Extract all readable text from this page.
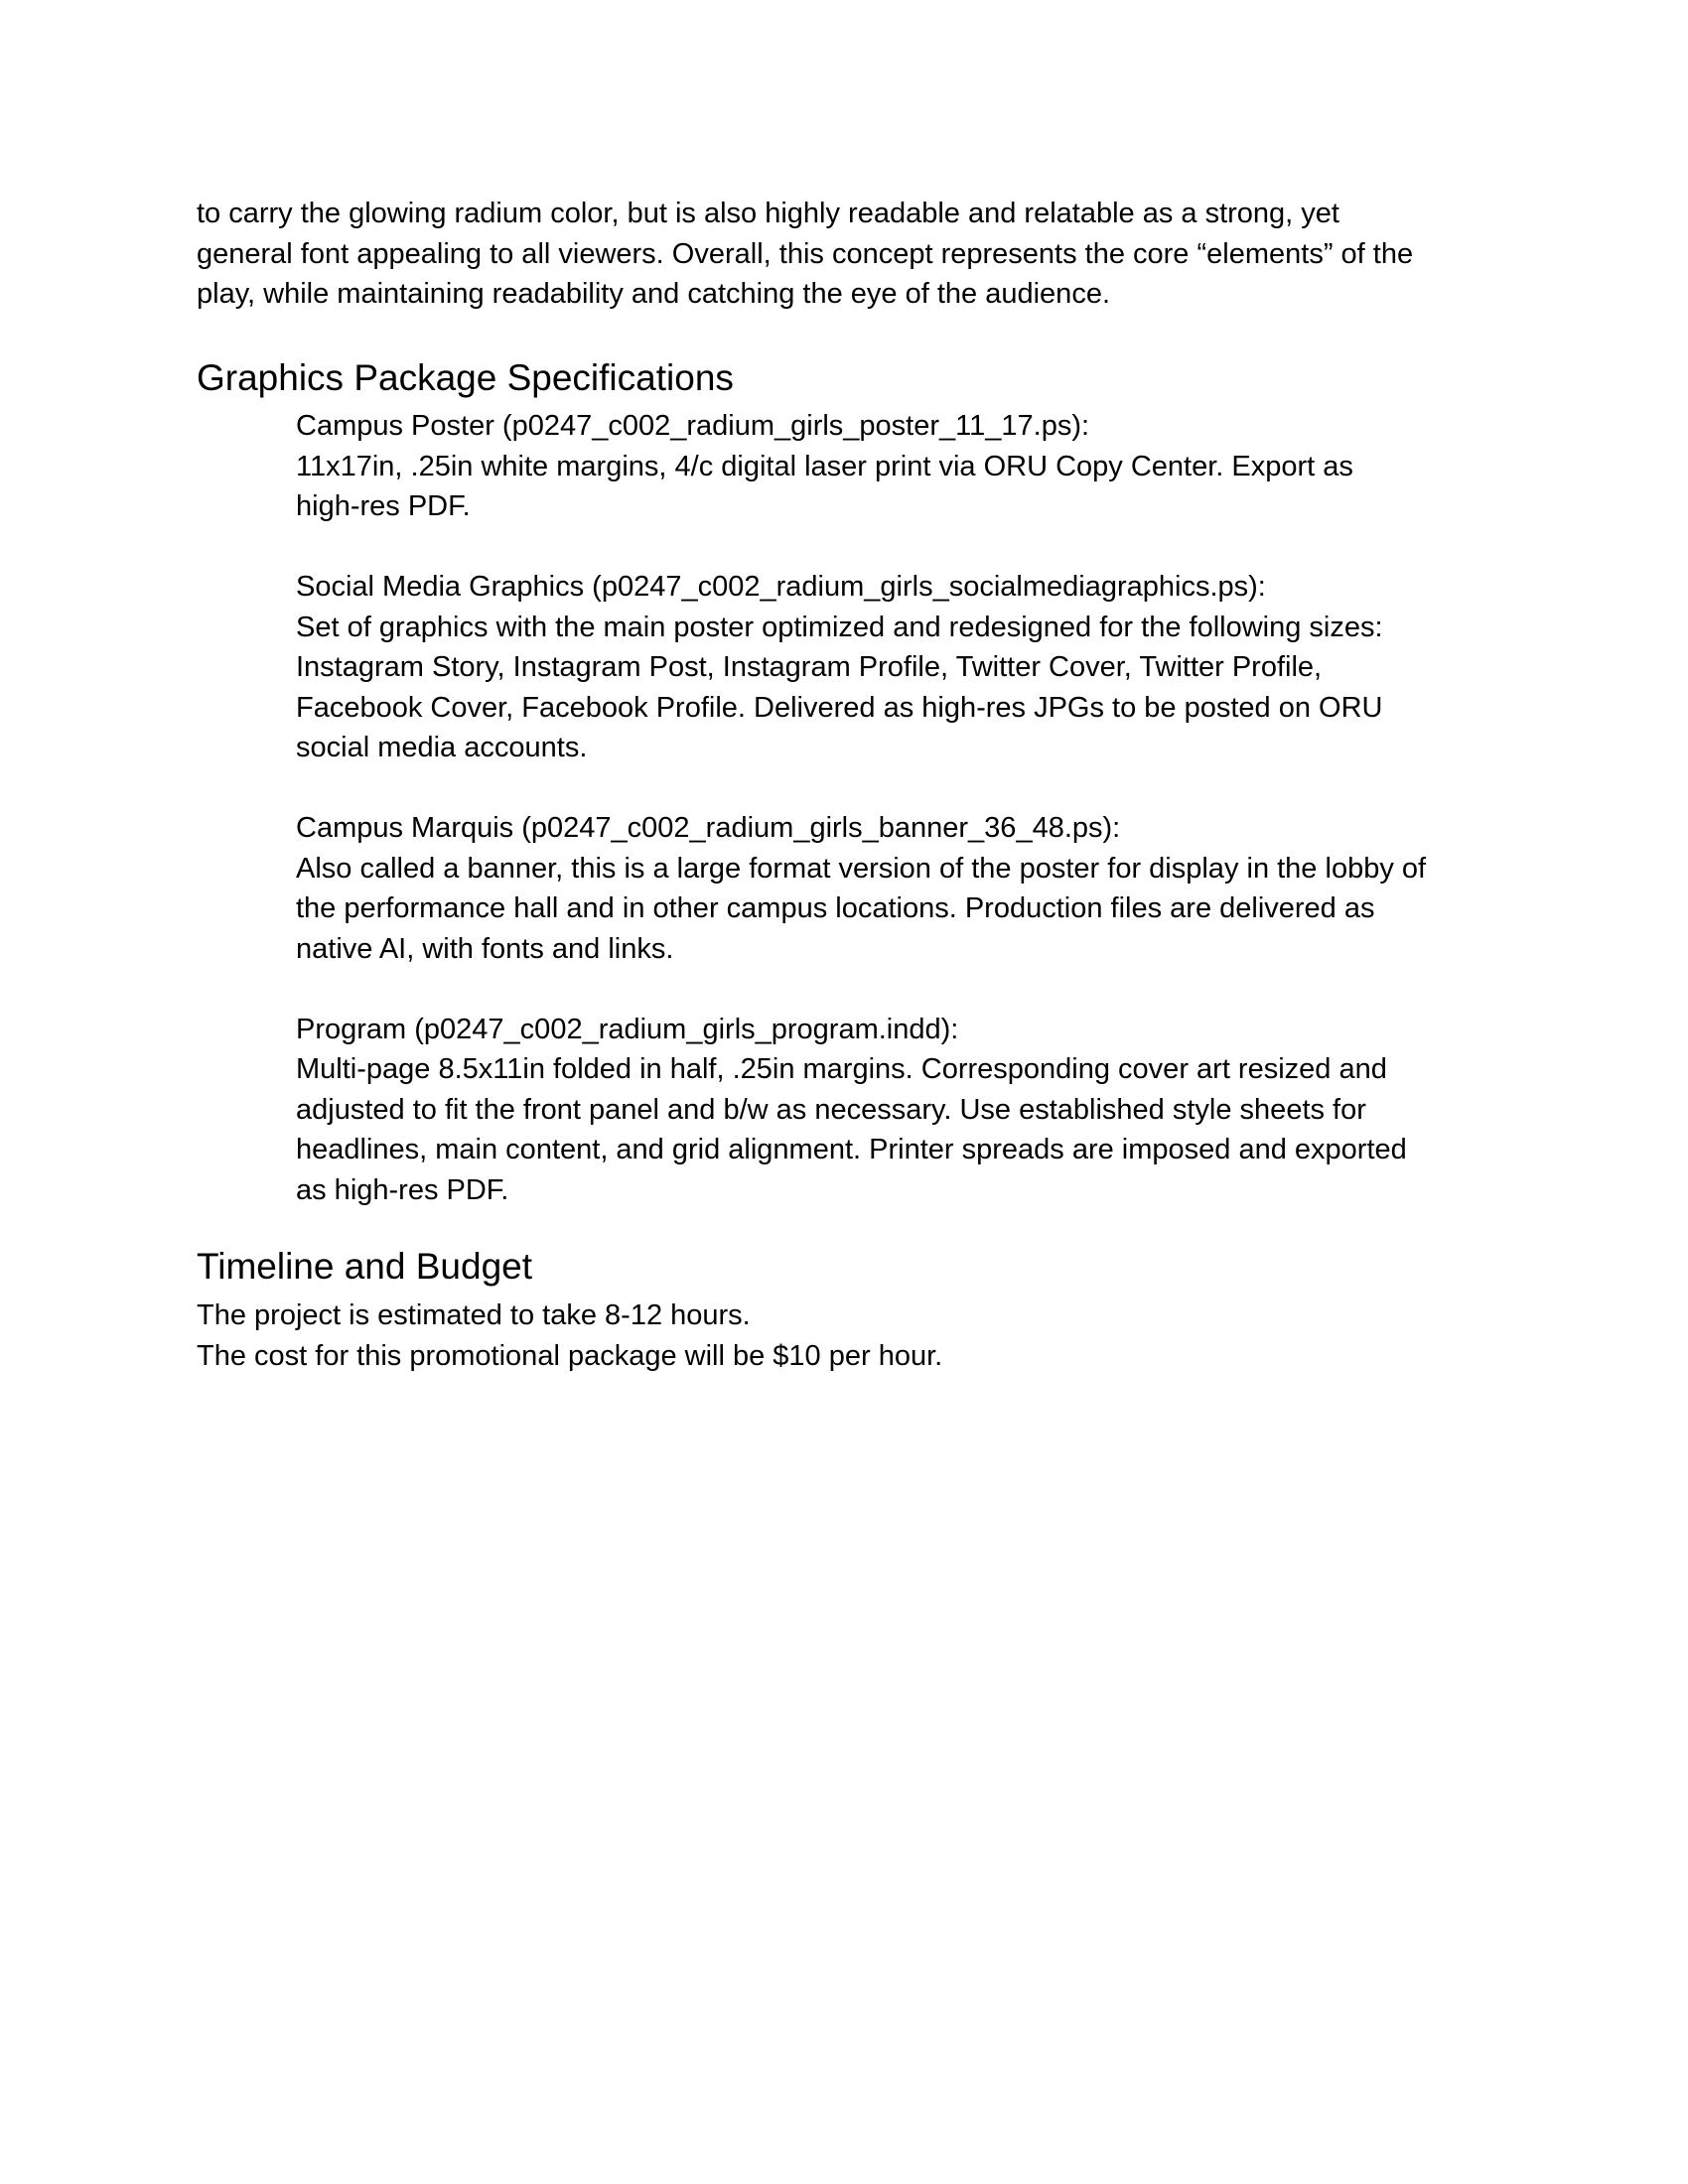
to carry the glowing radium color, but is also highly readable and relatable as a strong, yet
general font appealing to all viewers. Overall, this concept represents the core “elements” of the
play, while maintaining readability and catching the eye of the audience.
Graphics Package Specifications
Campus Poster (p0247_c002_radium_girls_poster_11_17.ps):
11x17in, .25in white margins, 4/c digital laser print via ORU Copy Center. Export as
high-res PDF.
Social Media Graphics (p0247_c002_radium_girls_socialmediagraphics.ps):
Set of graphics with the main poster optimized and redesigned for the following sizes:
Instagram Story, Instagram Post, Instagram Profile, Twitter Cover, Twitter Profile,
Facebook Cover, Facebook Profile. Delivered as high-res JPGs to be posted on ORU
social media accounts.
Campus Marquis (p0247_c002_radium_girls_banner_36_48.ps):
Also called a banner, this is a large format version of the poster for display in the lobby of
the performance hall and in other campus locations. Production files are delivered as
native AI, with fonts and links.
Program (p0247_c002_radium_girls_program.indd):
Multi-page 8.5x11in folded in half, .25in margins. Corresponding cover art resized and
adjusted to fit the front panel and b/w as necessary. Use established style sheets for
headlines, main content, and grid alignment. Printer spreads are imposed and exported
as high-res PDF.
Timeline and Budget
The project is estimated to take 8-12 hours.
The cost for this promotional package will be $10 per hour.
